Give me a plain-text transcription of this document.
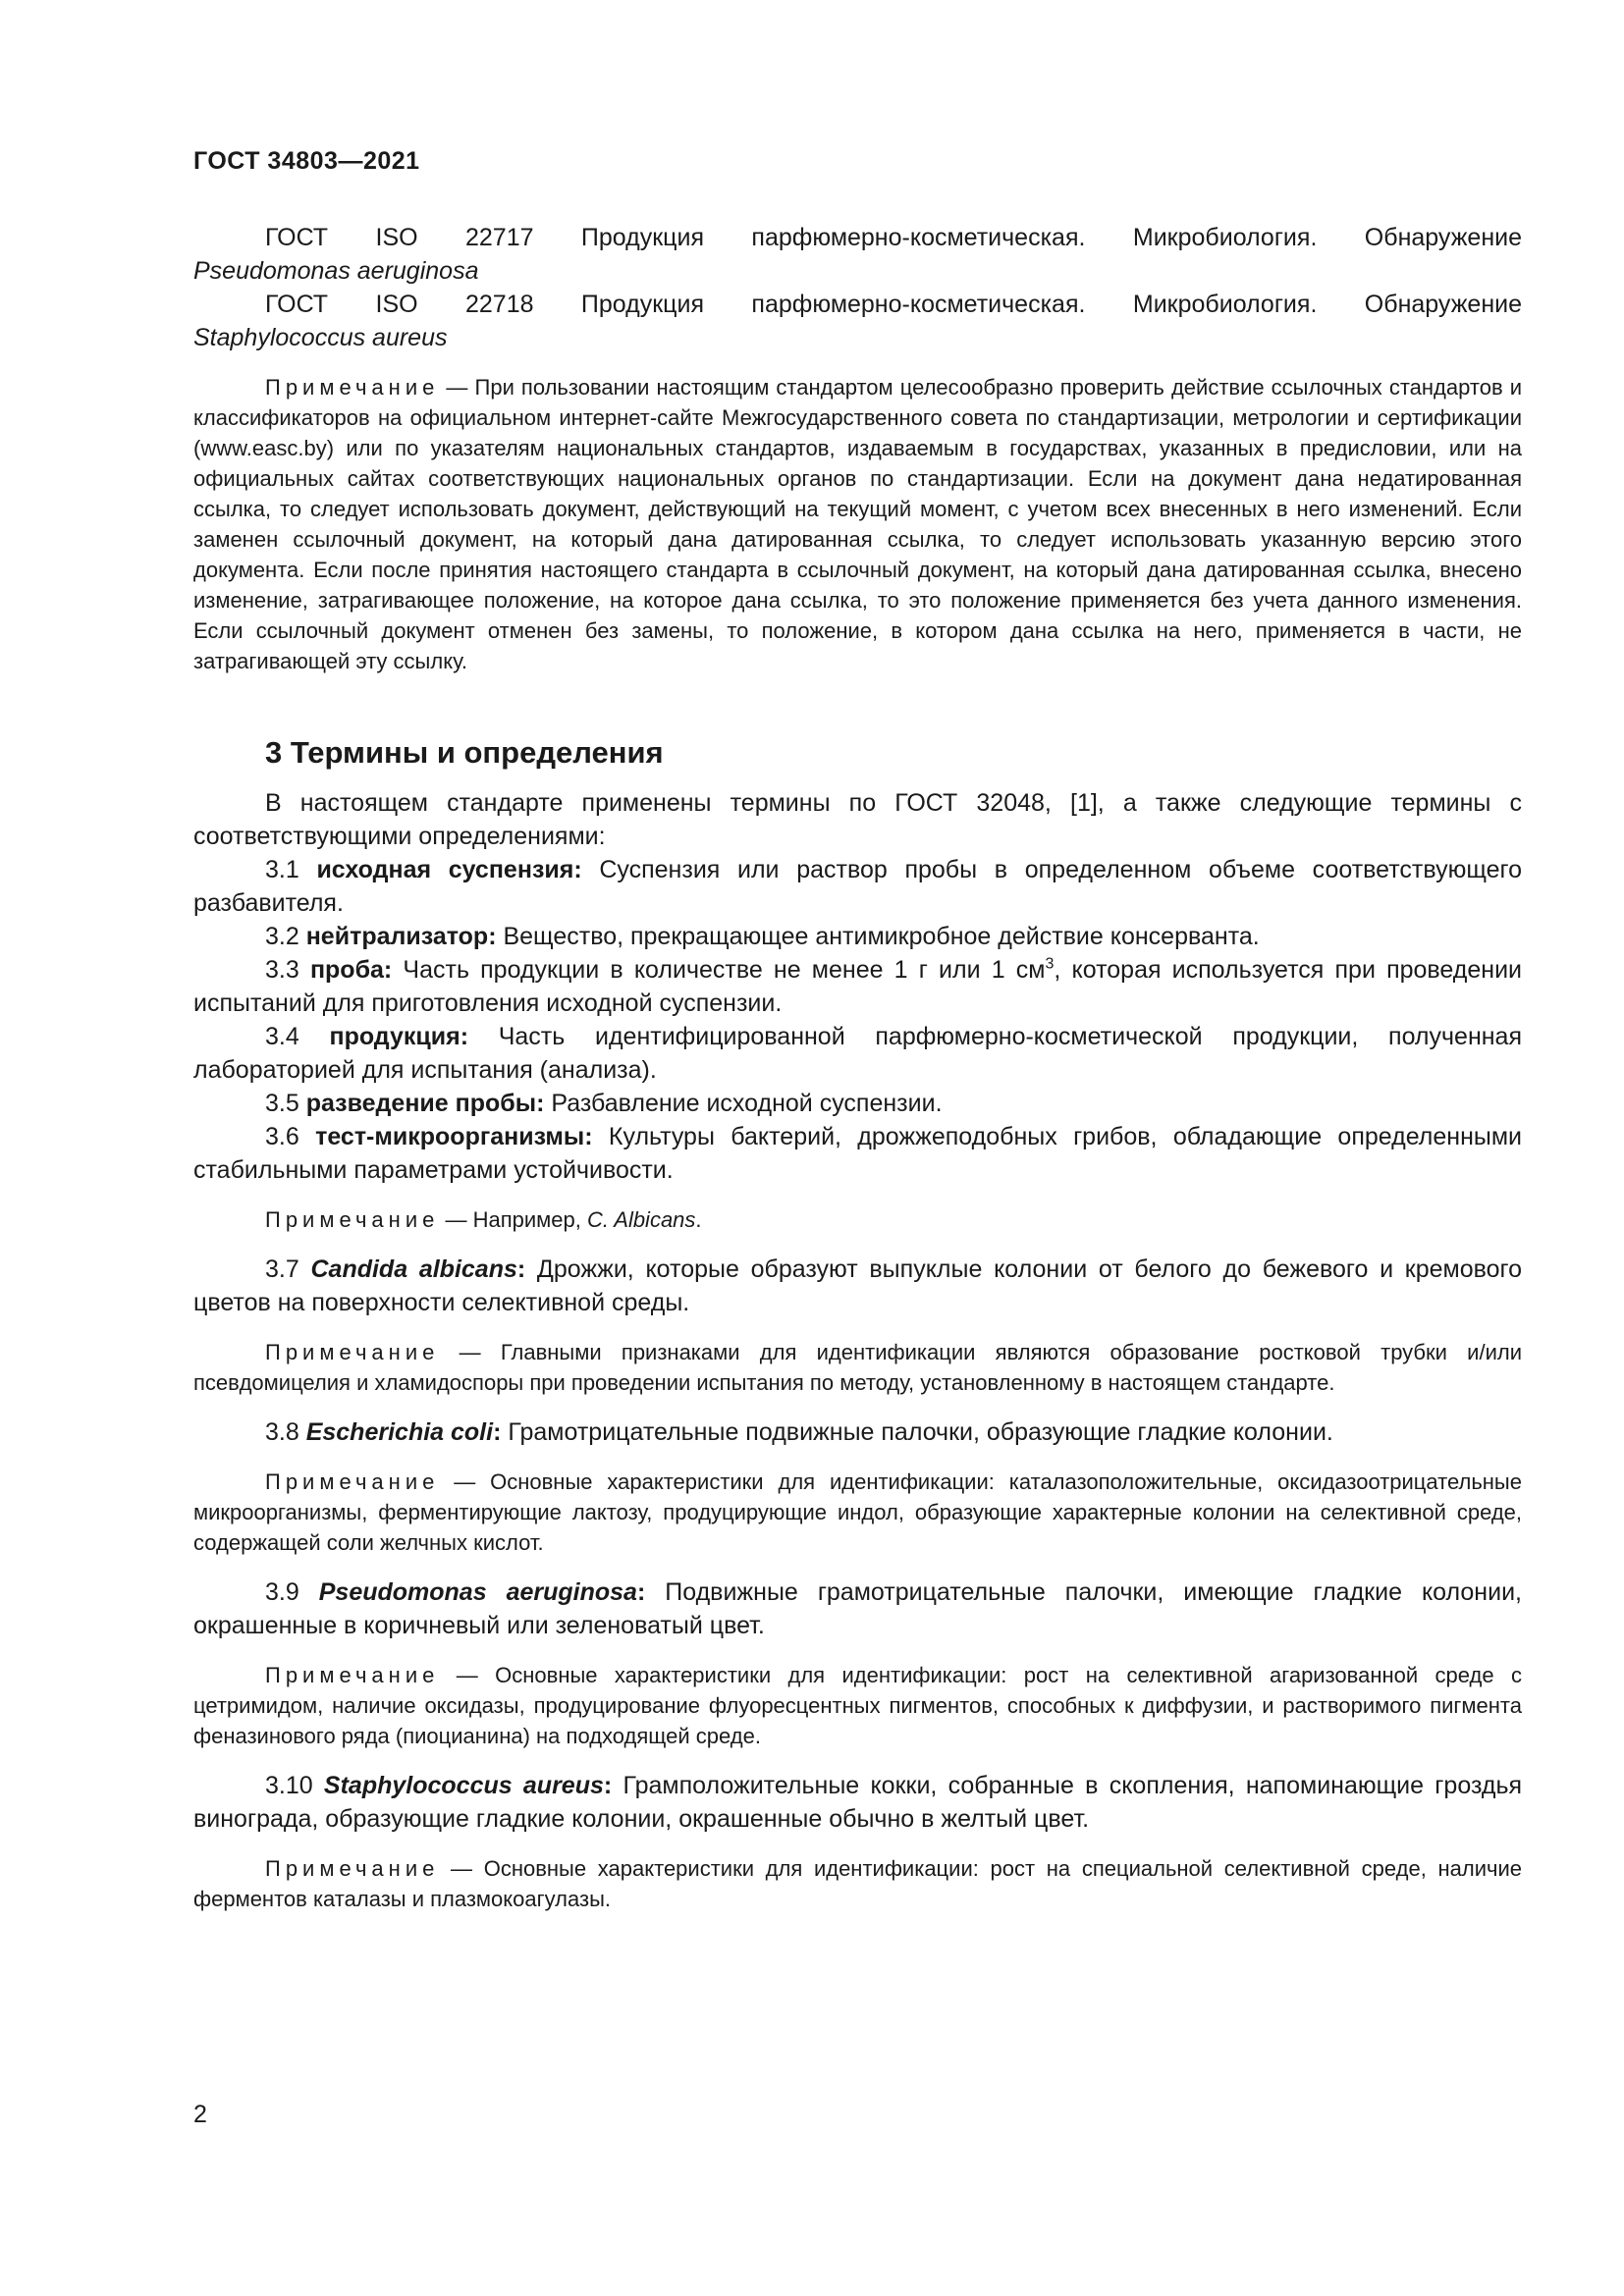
ГОСТ 34803—2021

ГОСТ ISO 22717 Продукция парфюмерно-косметическая. Микробиология. Обнаружение

Pseudomonas aeruginosa

ГОСТ ISO 22718 Продукция парфюмерно-косметическая. Микробиология. Обнаружение

Staphylococcus aureus

Примечание — При пользовании настоящим стандартом целесообразно проверить действие ссылочных стандартов и классификаторов на официальном интернет-сайте Межгосударственного совета по стандартизации, метрологии и сертификации (www.easc.by) или по указателям национальных стандартов, издаваемым в государствах, указанных в предисловии, или на официальных сайтах соответствующих национальных органов по стандартизации. Если на документ дана недатированная ссылка, то следует использовать документ, действующий на текущий момент, с учетом всех внесенных в него изменений. Если заменен ссылочный документ, на который дана датированная ссылка, то следует использовать указанную версию этого документа. Если после принятия настоящего стандарта в ссылочный документ, на который дана датированная ссылка, внесено изменение, затрагивающее положение, на которое дана ссылка, то это положение применяется без учета данного изменения. Если ссылочный документ отменен без замены, то положение, в котором дана ссылка на него, применяется в части, не затрагивающей эту ссылку.

3 Термины и определения

В настоящем стандарте применены термины по ГОСТ 32048, [1], а также следующие термины с соответствующими определениями:

3.1 исходная суспензия: Суспензия или раствор пробы в определенном объеме соответствующего разбавителя.

3.2 нейтрализатор: Вещество, прекращающее антимикробное действие консерванта.

3.3 проба: Часть продукции в количестве не менее 1 г или 1 $см^3$, которая используется при проведении испытаний для приготовления исходной суспензии.

3.4 продукция: Часть идентифицированной парфюмерно-косметической продукции, полученная лабораторией для испытания (анализа).

3.5 разведение пробы: Разбавление исходной суспензии.

3.6 тест-микроорганизмы: Культуры бактерий, дрожжеподобных грибов, обладающие определенными стабильными параметрами устойчивости.

Примечание — Например, C. Albicans.

3.7 Candida albicans: Дрожжи, которые образуют выпуклые колонии от белого до бежевого и кремового цветов на поверхности селективной среды.

Примечание — Главными признаками для идентификации являются образование ростковой трубки и/или псевдомицелия и хламидоспоры при проведении испытания по методу, установленному в настоящем стандарте.

3.8 Escherichia coli: Грамотрицательные подвижные палочки, образующие гладкие колонии.

Примечание — Основные характеристики для идентификации: каталазоположительные, оксидазоотрицательные микроорганизмы, ферментирующие лактозу, продуцирующие индол, образующие характерные колонии на селективной среде, содержащей соли желчных кислот.

3.9 Pseudomonas aeruginosa: Подвижные грамотрицательные палочки, имеющие гладкие колонии, окрашенные в коричневый или зеленоватый цвет.

Примечание — Основные характеристики для идентификации: рост на селективной агаризованной среде с цетримидом, наличие оксидазы, продуцирование флуоресцентных пигментов, способных к диффузии, и растворимого пигмента феназинового ряда (пиоцианина) на подходящей среде.

3.10 Staphylococcus aureus: Грамположительные кокки, собранные в скопления, напоминающие гроздья винограда, образующие гладкие колонии, окрашенные обычно в желтый цвет.

Примечание — Основные характеристики для идентификации: рост на специальной селективной среде, наличие ферментов каталазы и плазмокоагулазы.

2
